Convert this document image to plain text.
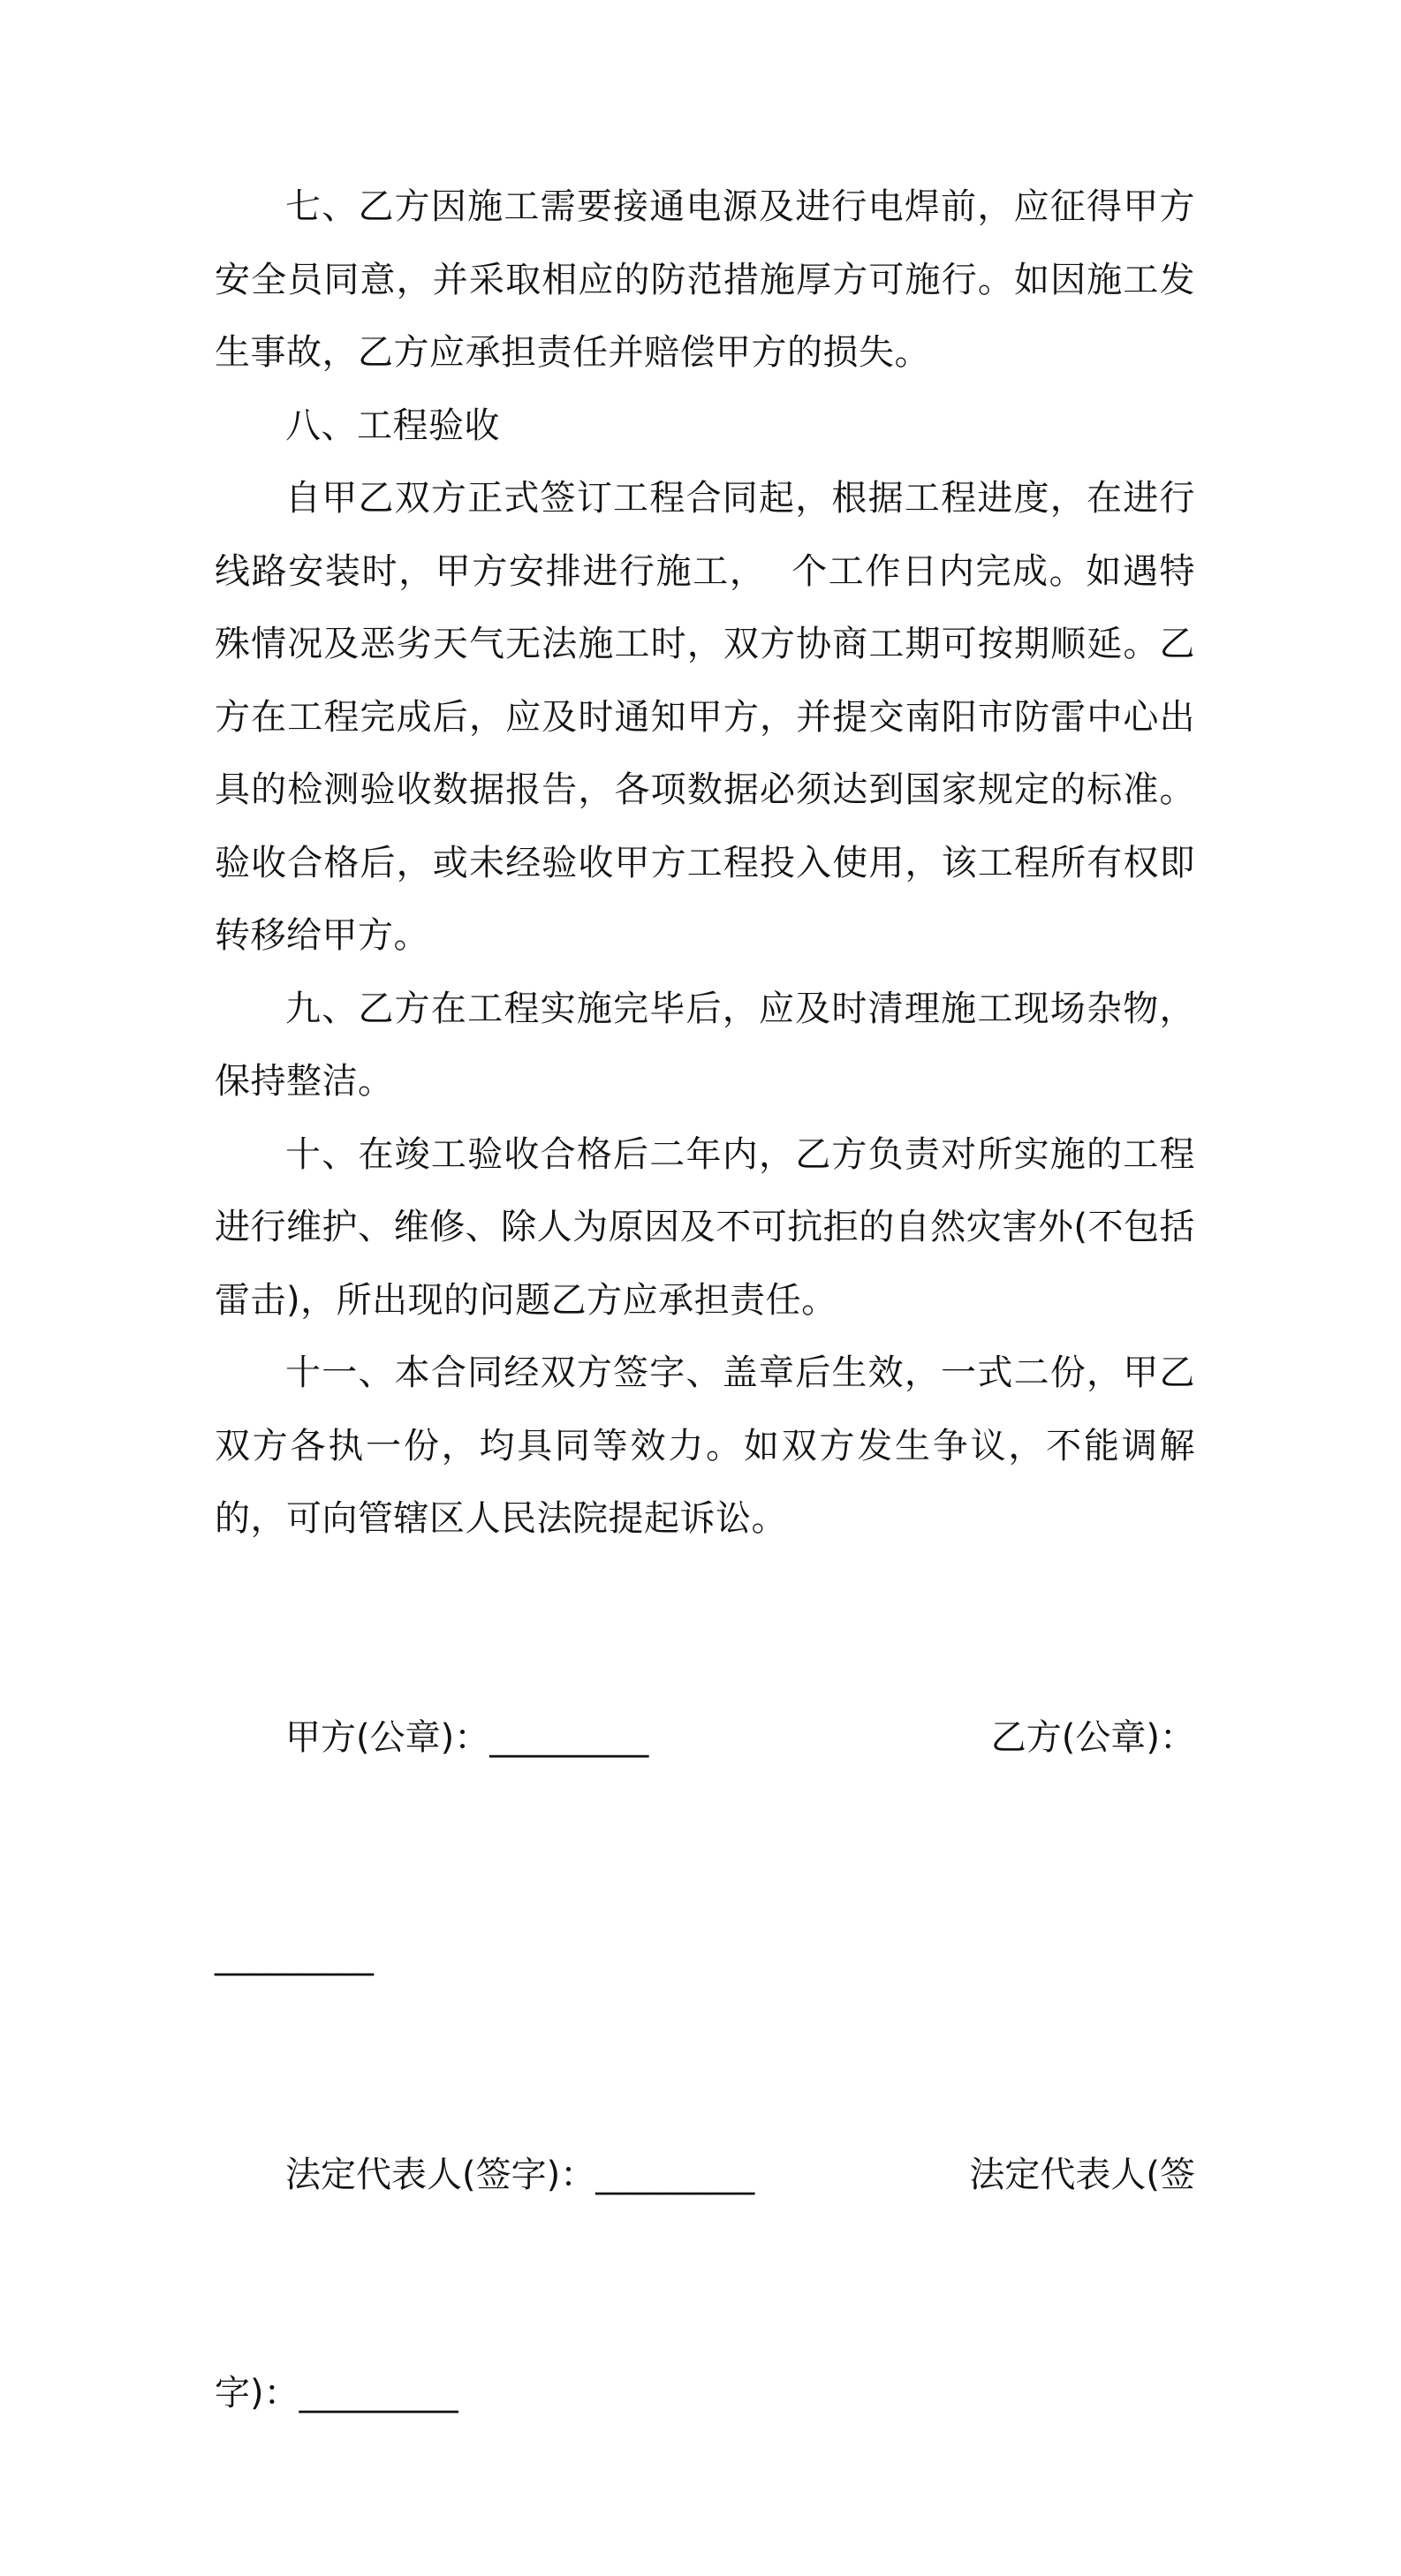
七、乙方因施工需要接通电源及进行电焊前，应征得甲方安全员同意，并采取相应的防范措施厚方可施行。如因施工发生事故，乙方应承担责任并赔偿甲方的损失。

八、工程验收

自甲乙双方正式签订工程合同起，根据工程进度，在进行线路安装时，甲方安排进行施工，  个工作日内完成。如遇特殊情况及恶劣天气无法施工时，双方协商工期可按期顺延。乙方在工程完成后，应及时通知甲方，并提交南阳市防雷中心出具的检测验收数据报告，各项数据必须达到国家规定的标准。验收合格后，或未经验收甲方工程投入使用，该工程所有权即转移给甲方。

九、乙方在工程实施完毕后，应及时清理施工现场杂物，保持整洁。

十、在竣工验收合格后二年内，乙方负责对所实施的工程进行维护、维修、除人为原因及不可抗拒的自然灾害外(不包括雷击)，所出现的问题乙方应承担责任。

十一、本合同经双方签字、盖章后生效，一式二份，甲乙双方各执一份，均具同等效力。如双方发生争议，不能调解的，可向管辖区人民法院提起诉讼。

甲方(公章)：_________

	乙方(公章)：

_________

法定代表人(签字)：_________

	法定代表人(签

字)：_________
